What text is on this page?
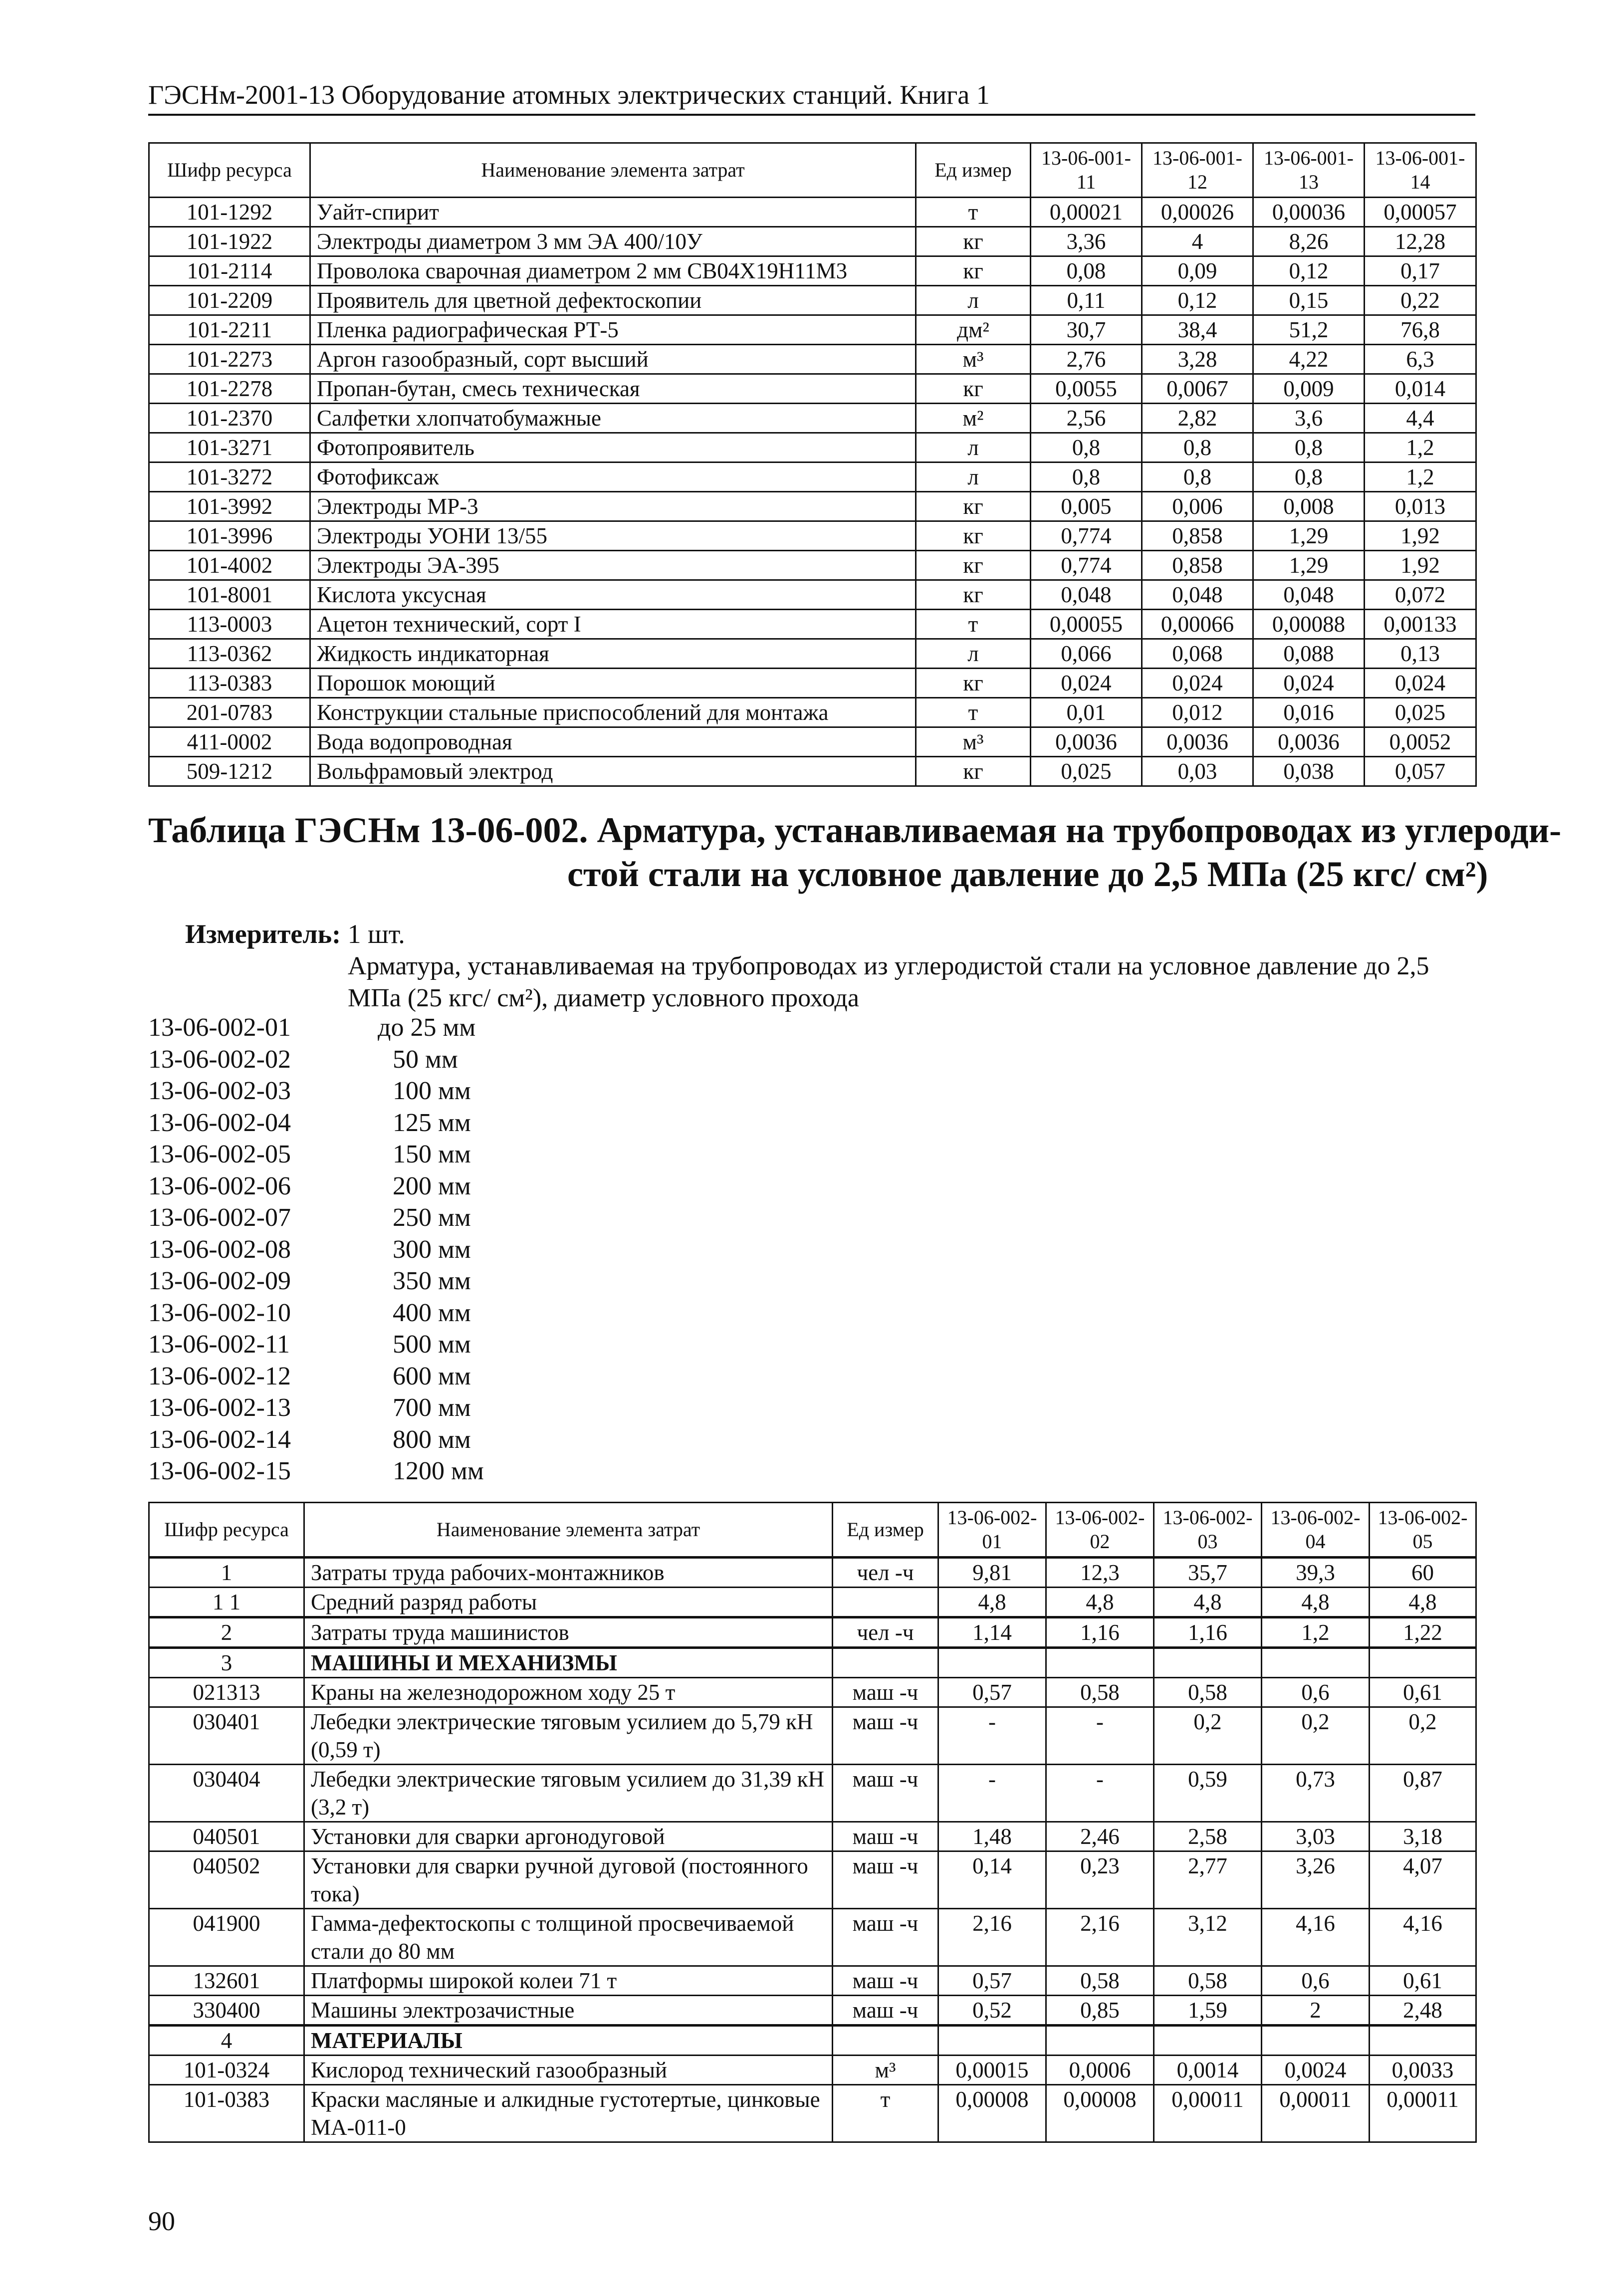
ГЭСНм-2001-13 Оборудование атомных электрических станций. Книга 1
Шифр ресурса	Наименование элемента затрат	Ед измер	13-06-001-11	13-06-001-12	13-06-001-13	13-06-001-14
101-1292	Уайт-спирит	т	0,00021	0,00026	0,00036	0,00057
101-1922	Электроды диаметром 3 мм ЭА 400/10У	кг	3,36	4	8,26	12,28
101-2114	Проволока сварочная диаметром 2 мм СВ04Х19Н11М3	кг	0,08	0,09	0,12	0,17
101-2209	Проявитель для цветной дефектоскопии	л	0,11	0,12	0,15	0,22
101-2211	Пленка радиографическая РТ-5	дм²	30,7	38,4	51,2	76,8
101-2273	Аргон газообразный, сорт высший	м³	2,76	3,28	4,22	6,3
101-2278	Пропан-бутан, смесь техническая	кг	0,0055	0,0067	0,009	0,014
101-2370	Салфетки хлопчатобумажные	м²	2,56	2,82	3,6	4,4
101-3271	Фотопроявитель	л	0,8	0,8	0,8	1,2
101-3272	Фотофиксаж	л	0,8	0,8	0,8	1,2
101-3992	Электроды МР-3	кг	0,005	0,006	0,008	0,013
101-3996	Электроды УОНИ 13/55	кг	0,774	0,858	1,29	1,92
101-4002	Электроды ЭА-395	кг	0,774	0,858	1,29	1,92
101-8001	Кислота уксусная	кг	0,048	0,048	0,048	0,072
113-0003	Ацетон технический, сорт I	т	0,00055	0,00066	0,00088	0,00133
113-0362	Жидкость индикаторная	л	0,066	0,068	0,088	0,13
113-0383	Порошок моющий	кг	0,024	0,024	0,024	0,024
201-0783	Конструкции стальные приспособлений для монтажа	т	0,01	0,012	0,016	0,025
411-0002	Вода водопроводная	м³	0,0036	0,0036	0,0036	0,0052
509-1212	Вольфрамовый электрод	кг	0,025	0,03	0,038	0,057
Таблица ГЭСНм 13-06-002. Арматура, устанавливаемая на трубопроводах из углероди-
стой стали на условное давление до 2,5 МПа (25 кгс/ см²)
Измеритель: 1 шт.
Арматура, устанавливаемая на трубопроводах из углеродистой стали на условное давление до 2,5 МПа (25 кгс/ см²), диаметр условного прохода
13-06-002-01	до 25 мм
13-06-002-02	50 мм
13-06-002-03	100 мм
13-06-002-04	125 мм
13-06-002-05	150 мм
13-06-002-06	200 мм
13-06-002-07	250 мм
13-06-002-08	300 мм
13-06-002-09	350 мм
13-06-002-10	400 мм
13-06-002-11	500 мм
13-06-002-12	600 мм
13-06-002-13	700 мм
13-06-002-14	800 мм
13-06-002-15	1200 мм
Шифр ресурса	Наименование элемента затрат	Ед измер	13-06-002-01	13-06-002-02	13-06-002-03	13-06-002-04	13-06-002-05
1	Затраты труда рабочих-монтажников	чел -ч	9,81	12,3	35,7	39,3	60
1 1	Средний разряд работы		4,8	4,8	4,8	4,8	4,8
2	Затраты труда машинистов	чел -ч	1,14	1,16	1,16	1,2	1,22
3	МАШИНЫ И МЕХАНИЗМЫ						
021313	Краны на железнодорожном ходу 25 т	маш -ч	0,57	0,58	0,58	0,6	0,61
030401	Лебедки электрические тяговым усилием до 5,79 кН (0,59 т)	маш -ч	-	-	0,2	0,2	0,2
030404	Лебедки электрические тяговым усилием до 31,39 кН (3,2 т)	маш -ч	-	-	0,59	0,73	0,87
040501	Установки для сварки аргонодуговой	маш -ч	1,48	2,46	2,58	3,03	3,18
040502	Установки для сварки ручной дуговой (постоянного тока)	маш -ч	0,14	0,23	2,77	3,26	4,07
041900	Гамма-дефектоскопы с толщиной просвечиваемой стали до 80 мм	маш -ч	2,16	2,16	3,12	4,16	4,16
132601	Платформы широкой колеи 71 т	маш -ч	0,57	0,58	0,58	0,6	0,61
330400	Машины электрозачистные	маш -ч	0,52	0,85	1,59	2	2,48
4	МАТЕРИАЛЫ						
101-0324	Кислород технический газообразный	м³	0,00015	0,0006	0,0014	0,0024	0,0033
101-0383	Краски масляные и алкидные густотертые, цинковые МА-011-0	т	0,00008	0,00008	0,00011	0,00011	0,00011
90
